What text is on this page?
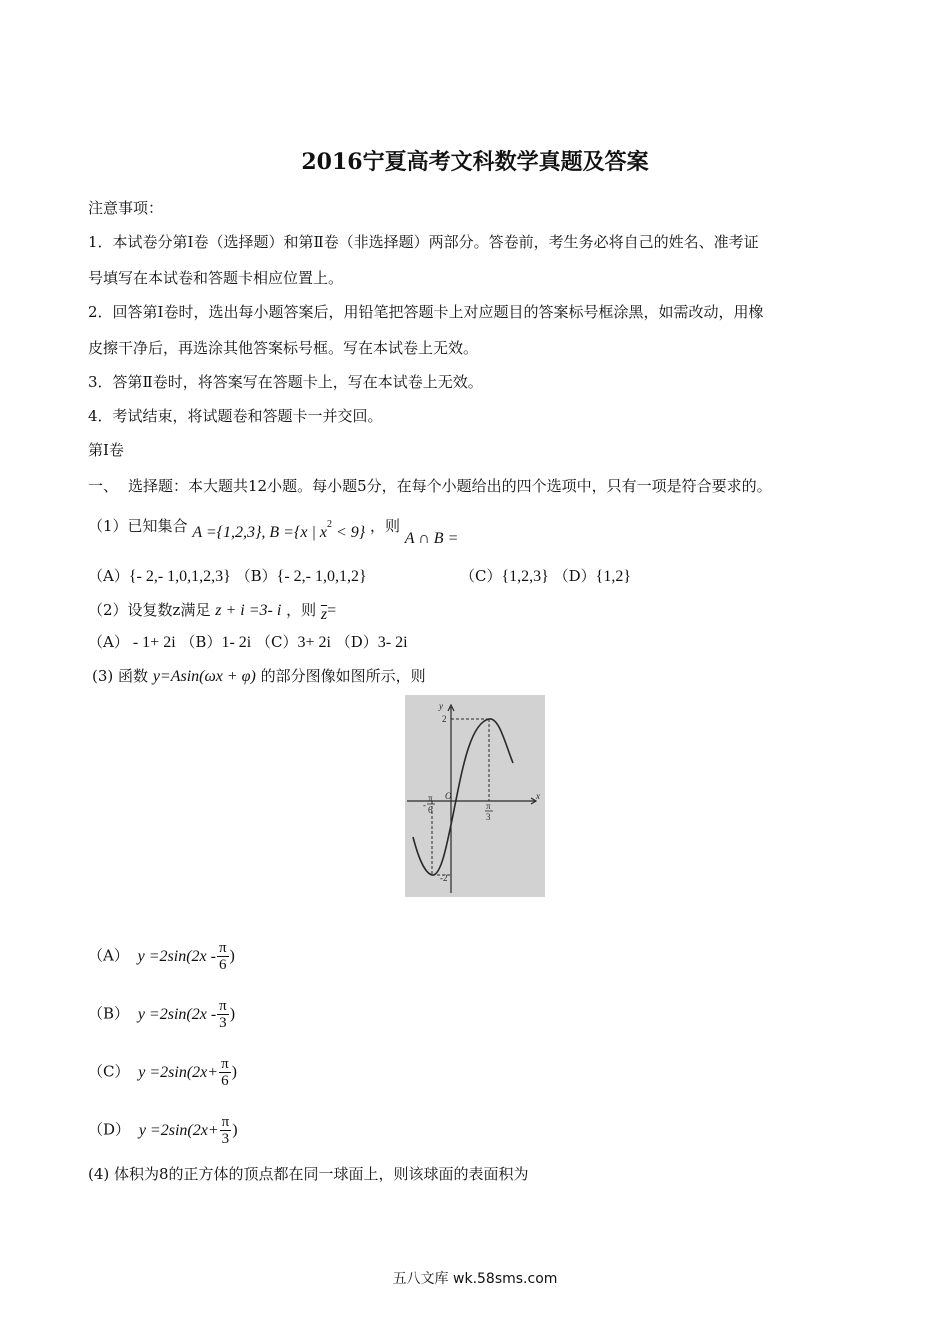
2016宁夏高考文科数学真题及答案
注意事项：
1．本试卷分第Ⅰ卷（选择题）和第Ⅱ卷（非选择题）两部分。答卷前，考生务必将自己的姓名、准考证
号填写在本试卷和答题卡相应位置上。
2．回答第Ⅰ卷时，选出每小题答案后，用铅笔把答题卡上对应题目的答案标号框涂黑，如需改动，用橡
皮擦干净后，再选涂其他答案标号框。写在本试卷上无效。
3．答第Ⅱ卷时，将答案写在答题卡上，写在本试卷上无效。
4．考试结束，将试题卷和答题卡一并交回。
第Ⅰ卷
一、 选择题：本大题共12小题。每小题5分，在每个小题给出的四个选项中，只有一项是符合要求的。
（1）已知集合 A ={1,2,3}, B ={x | $x^2 < 9$} ，则 A ∩ B =
（A）{- 2,- 1,0,1,2,3} （B）{- 2,- 1,0,1,2}	（C）{1,2,3} （D）{1,2}
（2）设复数z满足 z + i =3- i ，则 $\overline{z}=$
（A） - 1+ 2i （B）1- 2i （C）3+ 2i （D）3- 2i
(3) 函数 y=Asin(ωx + φ) 的部分图像如图所示，则
y
x
O
2
-2
-
π
6	π
3
（A） $y =2\sin(2x - \frac{\pi}{6}$ )
（B） $y =2\sin(2x - \frac{\pi}{3}$ )
（C） $y =2\sin(2x+ \frac{\pi}{6}$ )
（D） $y =2\sin(2x+ \frac{\pi}{3}$ )
(4) 体积为8的正方体的顶点都在同一球面上，则该球面的表面积为
五八文库 wk.58sms.com
